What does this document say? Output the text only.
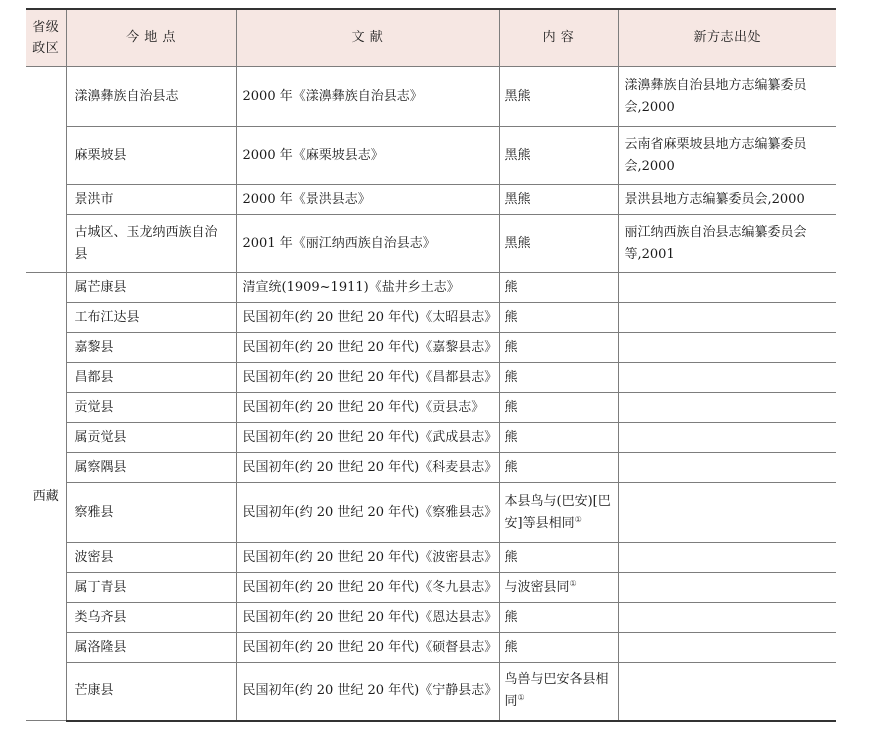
省级
政区	今 地 点	文 献	内 容	新方志出处
	漾濞彝族自治县志	2000 年《漾濞彝族自治县志》	黑熊	漾濞彝族自治县地方志编纂委员会,2000
	麻栗坡县	2000 年《麻栗坡县志》	黑熊	云南省麻栗坡县地方志编纂委员会,2000
	景洪市	2000 年《景洪县志》	黑熊	景洪县地方志编纂委员会,2000
	古城区、玉龙纳西族自治县	2001 年《丽江纳西族自治县志》	黑熊	丽江纳西族自治县志编纂委员会等,2001
西藏	属芒康县	清宣统(1909~1911)《盐井乡土志》	熊	
	工布江达县	民国初年(约 20 世纪 20 年代)《太昭县志》	熊	
	嘉黎县	民国初年(约 20 世纪 20 年代)《嘉黎县志》	熊	
	昌都县	民国初年(约 20 世纪 20 年代)《昌都县志》	熊	
	贡觉县	民国初年(约 20 世纪 20 年代)《贡县志》	熊	
	属贡觉县	民国初年(约 20 世纪 20 年代)《武成县志》	熊	
	属察隅县	民国初年(约 20 世纪 20 年代)《科麦县志》	熊	
	察雅县	民国初年(约 20 世纪 20 年代)《察雅县志》	本县鸟与(巴安)[巴安]等县相同①	
	波密县	民国初年(约 20 世纪 20 年代)《波密县志》	熊	
	属丁青县	民国初年(约 20 世纪 20 年代)《冬九县志》	与波密县同①	
	类乌齐县	民国初年(约 20 世纪 20 年代)《恩达县志》	熊	
	属洛隆县	民国初年(约 20 世纪 20 年代)《硕督县志》	熊	
	芒康县	民国初年(约 20 世纪 20 年代)《宁静县志》	鸟兽与巴安各县相同①	
